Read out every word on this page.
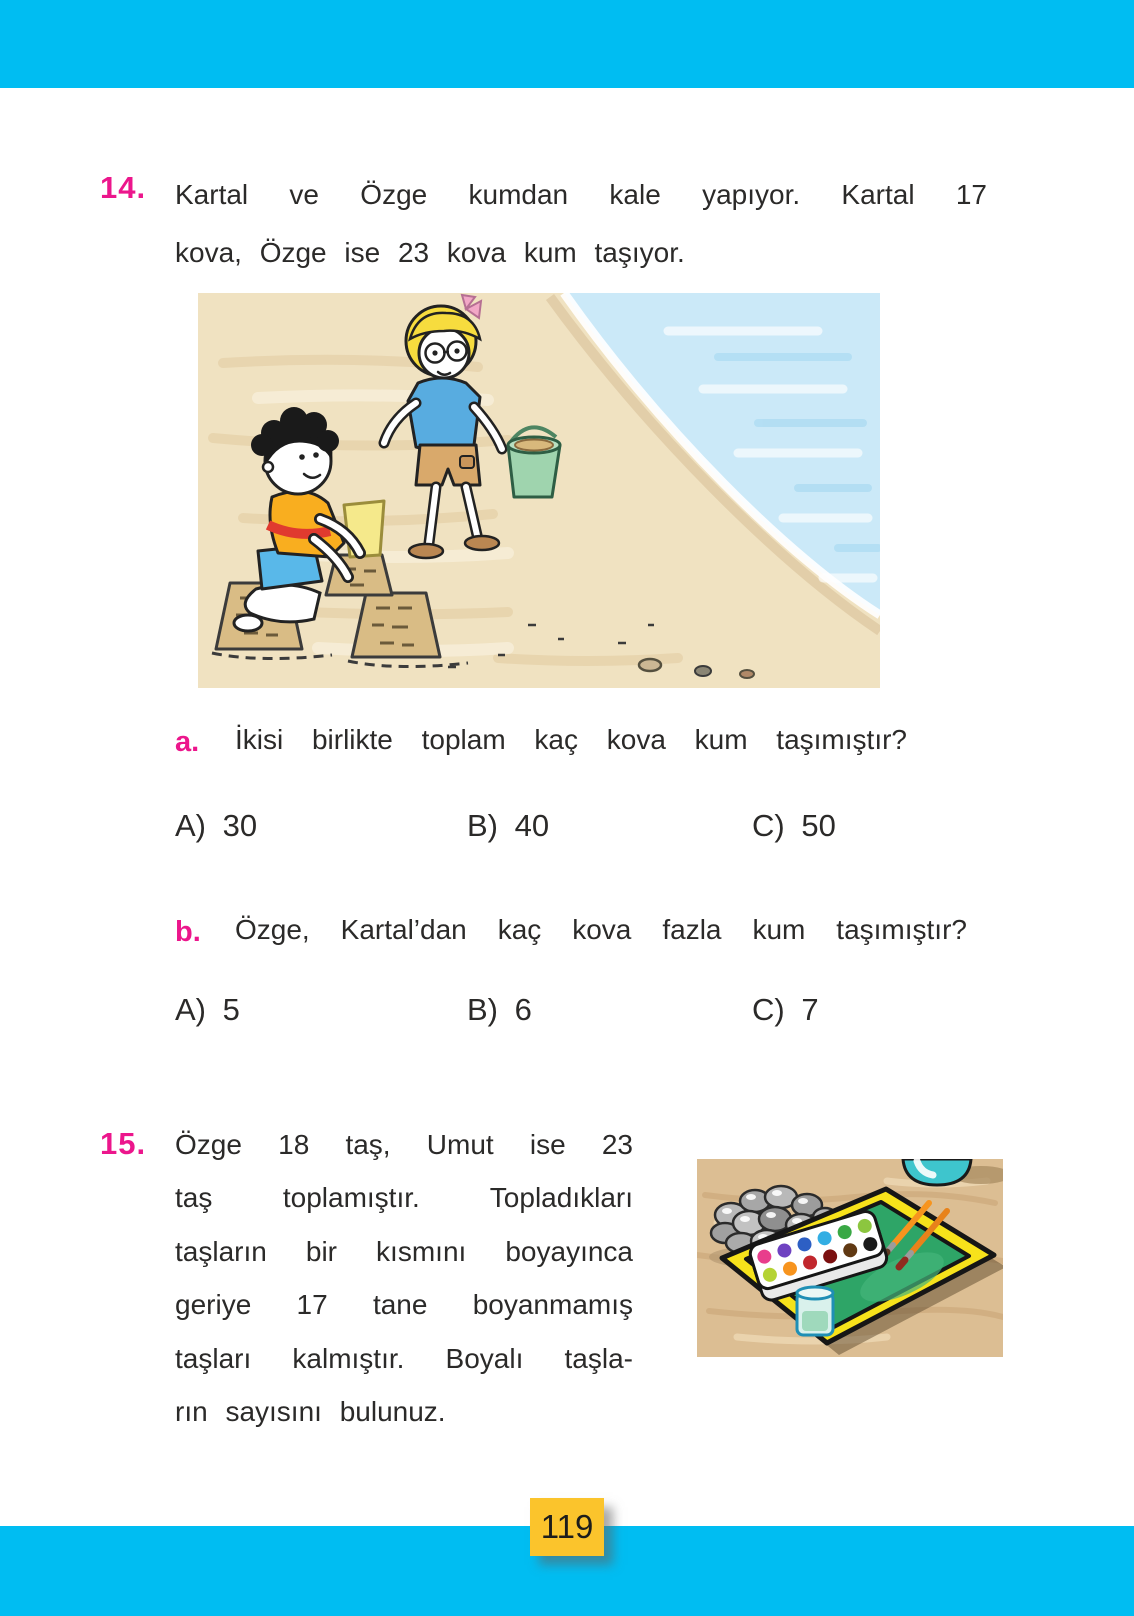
14. Kartal ve Özge kumdan kale yapıyor. Kartal 17
kova, Özge ise 23 kova kum taşıyor.
a. İkisi birlikte toplam kaç kova kum taşımıştır?
A) 30	B) 40	C) 50
b. Özge, Kartal’dan kaç kova fazla kum taşımıştır?
A) 5	B) 6	C) 7
15. Özge 18 taş, Umut ise 23
taş toplamıştır. Topladıkları
taşların bir kısmını boyayınca
geriye 17 tane boyanmamış
taşları kalmıştır. Boyalı taşla-
rın sayısını bulunuz.
119
